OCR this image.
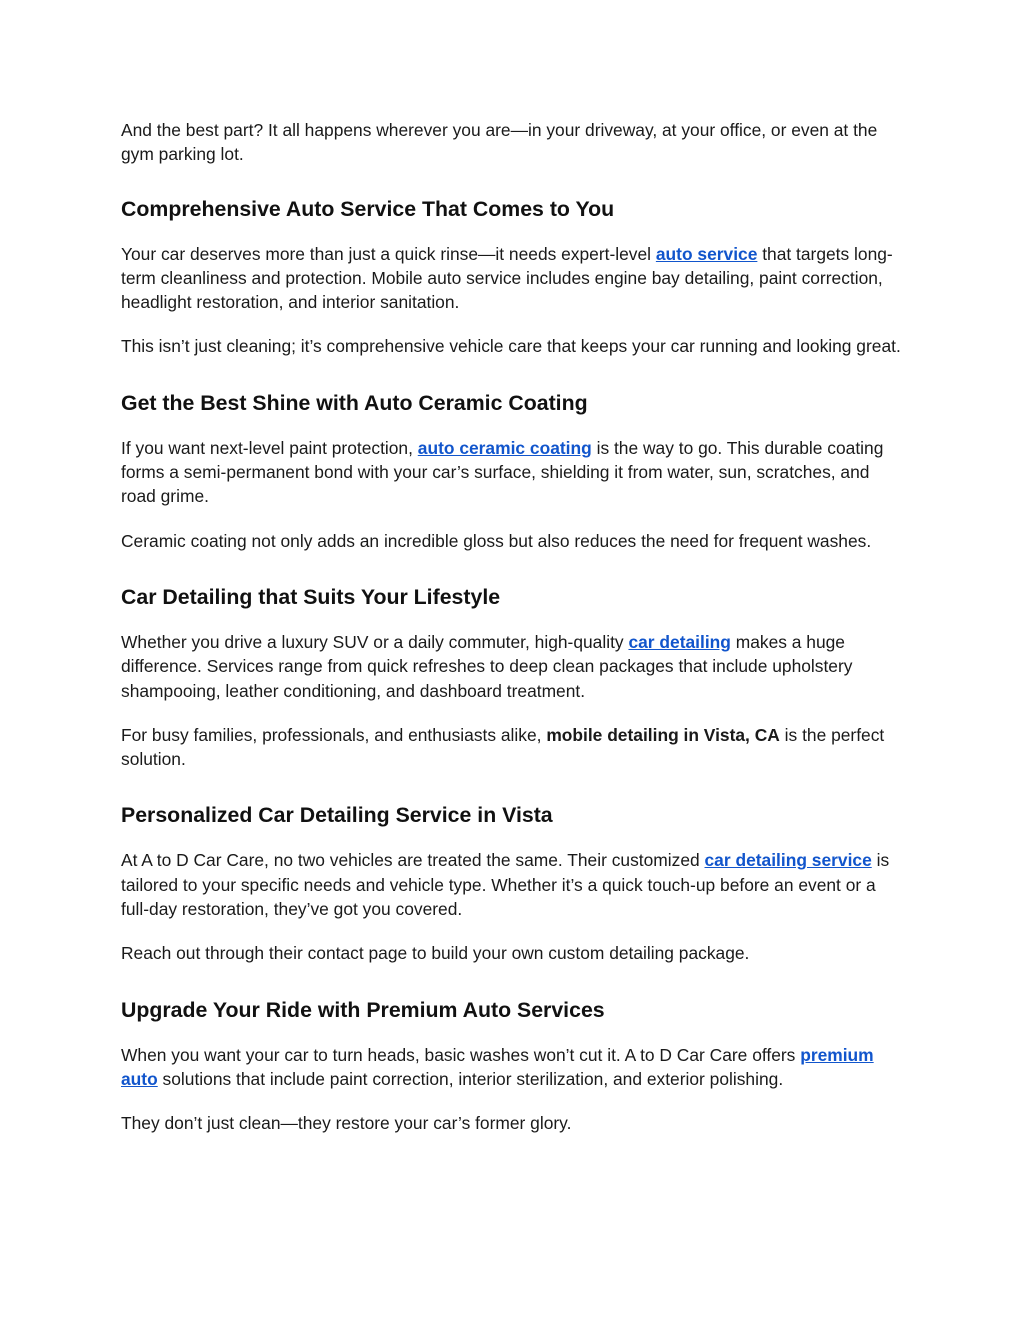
And the best part? It all happens wherever you are—in your driveway, at your office, or even at the gym parking lot.

Comprehensive Auto Service That Comes to You

Your car deserves more than just a quick rinse—it needs expert-level auto service that targets long-term cleanliness and protection. Mobile auto service includes engine bay detailing, paint correction, headlight restoration, and interior sanitation.

This isn’t just cleaning; it’s comprehensive vehicle care that keeps your car running and looking great.

Get the Best Shine with Auto Ceramic Coating

If you want next-level paint protection, auto ceramic coating is the way to go. This durable coating forms a semi-permanent bond with your car’s surface, shielding it from water, sun, scratches, and road grime.

Ceramic coating not only adds an incredible gloss but also reduces the need for frequent washes.

Car Detailing that Suits Your Lifestyle

Whether you drive a luxury SUV or a daily commuter, high-quality car detailing makes a huge difference. Services range from quick refreshes to deep clean packages that include upholstery shampooing, leather conditioning, and dashboard treatment.

For busy families, professionals, and enthusiasts alike, mobile detailing in Vista, CA is the perfect solution.

Personalized Car Detailing Service in Vista

At A to D Car Care, no two vehicles are treated the same. Their customized car detailing service is tailored to your specific needs and vehicle type. Whether it’s a quick touch-up before an event or a full-day restoration, they’ve got you covered.

Reach out through their contact page to build your own custom detailing package.

Upgrade Your Ride with Premium Auto Services

When you want your car to turn heads, basic washes won’t cut it. A to D Car Care offers premium auto solutions that include paint correction, interior sterilization, and exterior polishing.

They don’t just clean—they restore your car’s former glory.
